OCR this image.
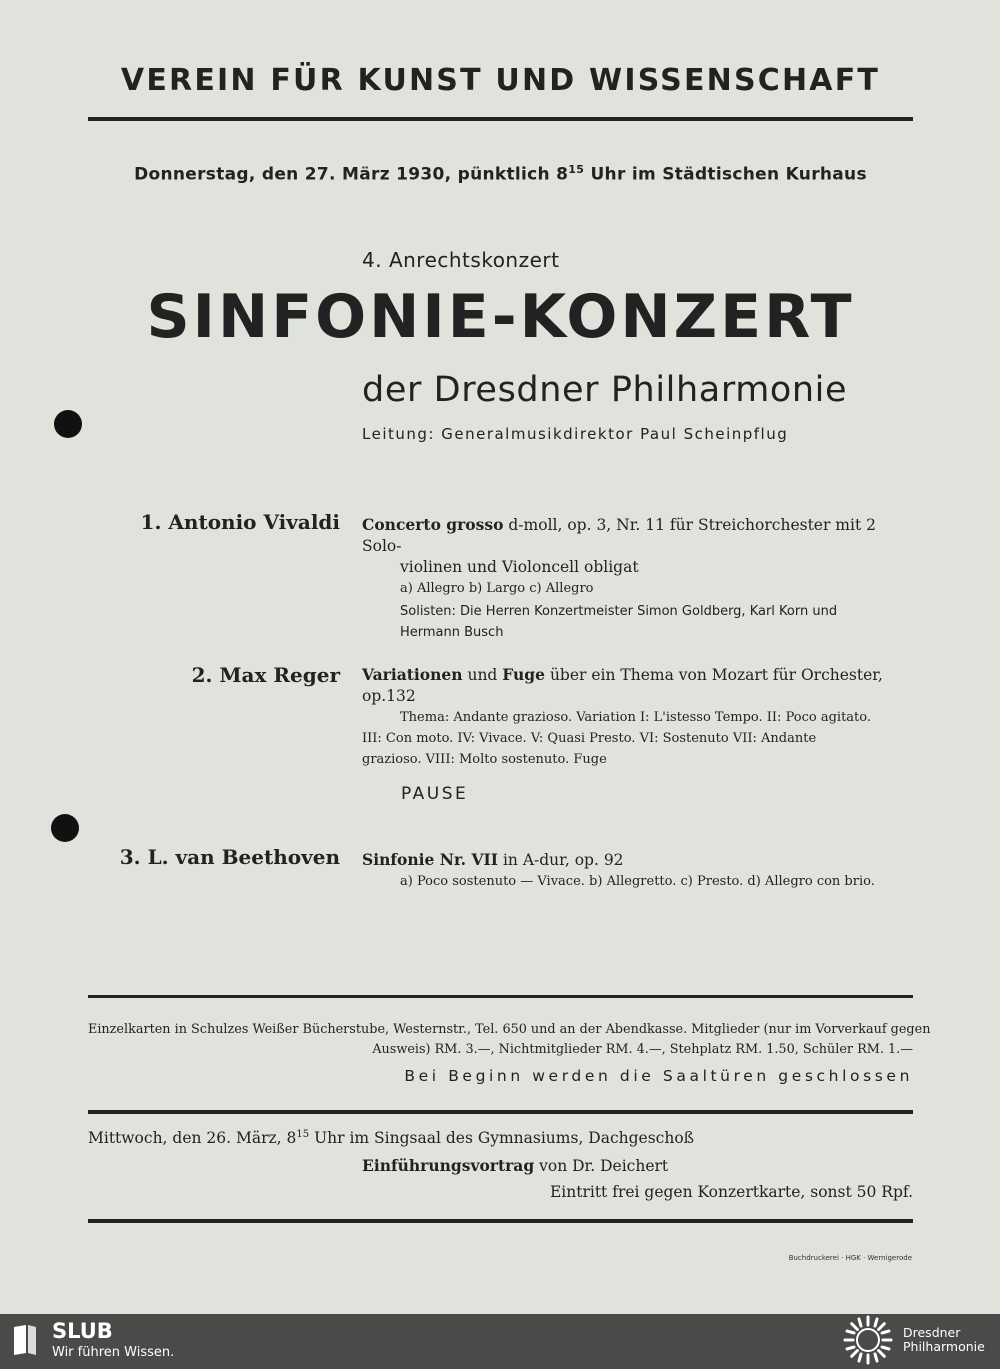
VEREIN FÜR KUNST UND WISSENSCHAFT
Donnerstag, den 27. März 1930, pünktlich $8^{15}$ Uhr im Städtischen Kurhaus
4. Anrechtskonzert
SINFONIE-KONZERT
der Dresdner Philharmonie
Leitung: Generalmusikdirektor Paul Scheinpflug
1. Antonio Vivaldi Concerto grosso d-moll, op. 3, Nr. 11 für Streichorchester mit 2 Solo-

violinen und Violoncell obligat

a) Allegro b) Largo c) Allegro

Solisten: Die Herren Konzertmeister Simon Goldberg, Karl Korn und

Hermann Busch

2. Max Reger Variationen und Fuge über ein Thema von Mozart für Orchester, op.132

Thema: Andante grazioso. Variation I: L'istesso Tempo. II: Poco agitato.

III: Con moto. IV: Vivace. V: Quasi Presto. VI: Sostenuto VII: Andante

grazioso. VIII: Molto sostenuto. Fuge

PAUSE
3. L. van Beethoven Sinfonie Nr. VII in A-dur, op. 92

a) Poco sostenuto — Vivace. b) Allegretto. c) Presto. d) Allegro con brio.

Einzelkarten in Schulzes Weißer Bücherstube, Westernstr., Tel. 650 und an der Abendkasse. Mitglieder (nur im Vorverkauf gegen
Ausweis) RM. 3.—, Nichtmitglieder RM. 4.—, Stehplatz RM. 1.50, Schüler RM. 1.—
Bei Beginn werden die Saaltüren geschlossen
Mittwoch, den 26. März, $8^{15}$ Uhr im Singsaal des Gymnasiums, Dachgeschoß
Einführungsvortrag von Dr. Deichert
Eintritt frei gegen Konzertkarte, sonst 50 Rpf.
Buchdruckerei · HGK · Wernigerode
SLUB
Wir führen Wissen.
Dresdner
Philharmonie
